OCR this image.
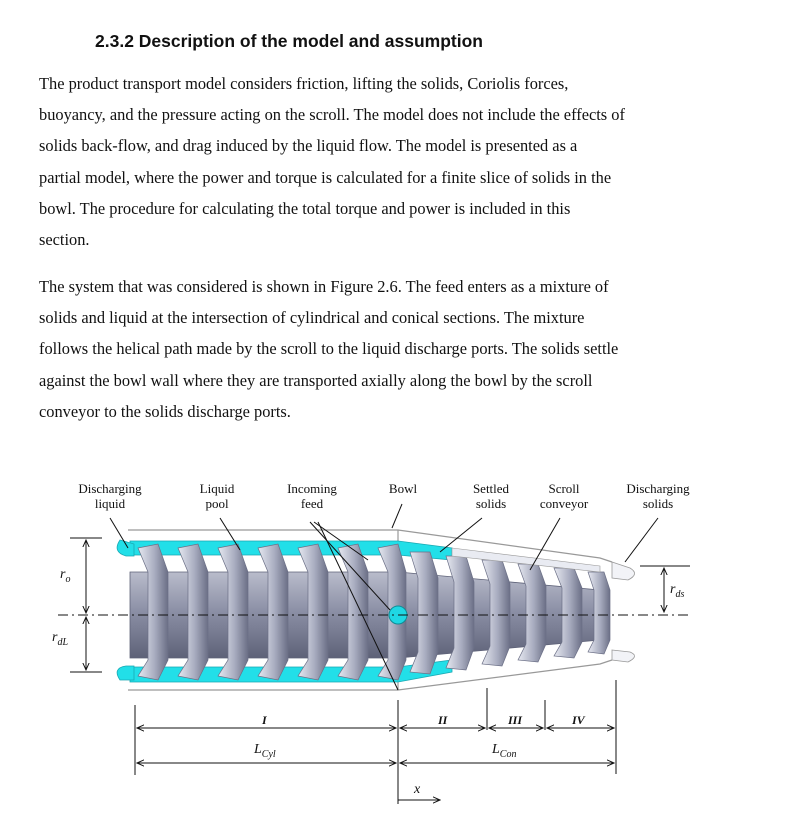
2.3.2 Description of the model and assumption
The product transport model considers friction, lifting the solids, Coriolis forces,
buoyancy, and the pressure acting on the scroll. The model does not include the effects of
solids back-flow, and drag induced by the liquid flow. The model is presented as a
partial model, where the power and torque is calculated for a finite slice of solids in the
bowl. The procedure for calculating the total torque and power is included in this
section.
The system that was considered is shown in Figure 2.6. The feed enters as a mixture of
solids and liquid at the intersection of cylindrical and conical sections. The mixture
follows the helical path made by the scroll to the liquid discharge ports. The solids settle
against the bowl wall where they are transported axially along the bowl by the scroll
conveyor to the solids discharge ports.
Discharging
liquid
Liquid
pool
Incoming
feed
Bowl	Settled
solids
Scroll
conveyor
Discharging
solids
$r_o$
$r_{dL}$
$r_{ds}$
$L_{Cyl}$	$L_{Con}$
x
I	II	III	IV
